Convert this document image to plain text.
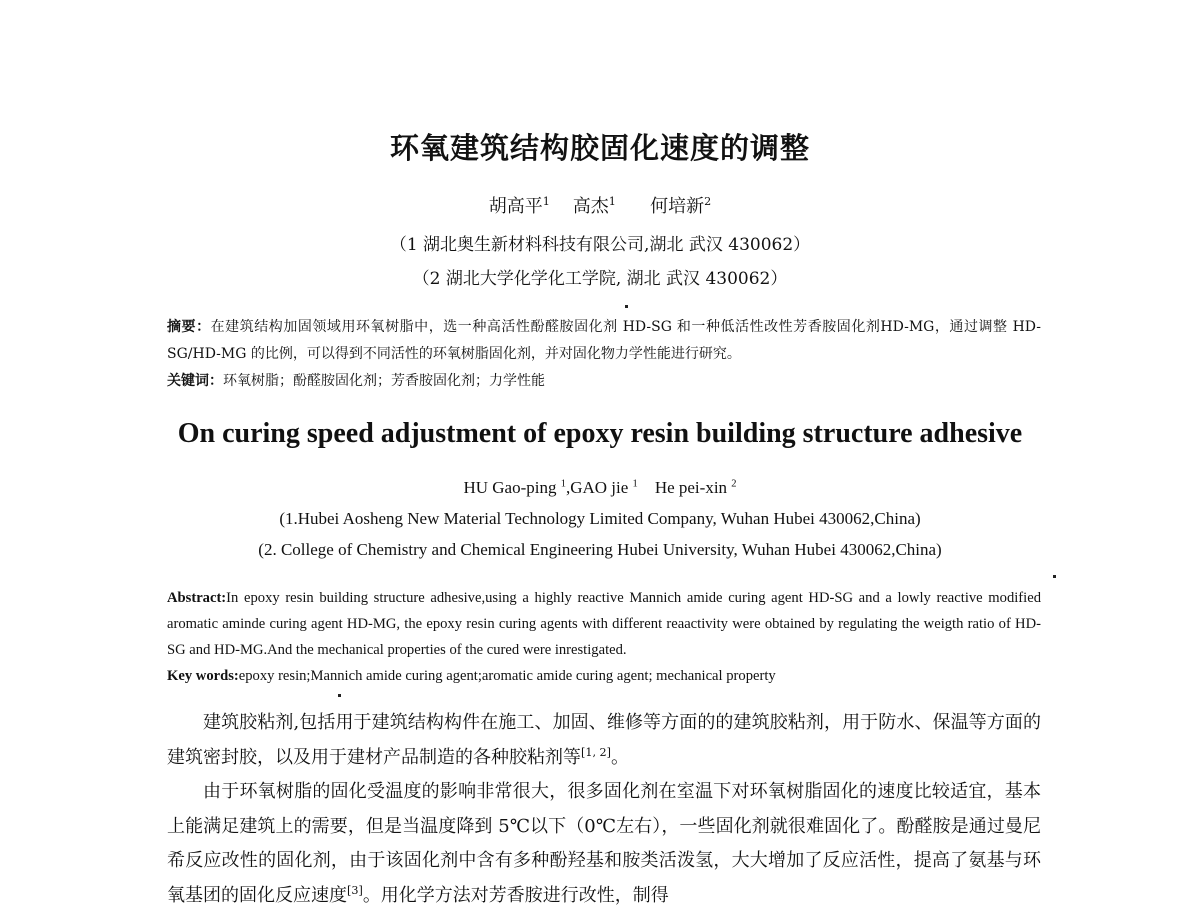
环氧建筑结构胶固化速度的调整
胡高平$^1$ 高杰$^1$ 何培新$^2$
（1 湖北奥生新材料科技有限公司,湖北 武汉 430062）
（2 湖北大学化学化工学院, 湖北 武汉 430062）
摘要：在建筑结构加固领域用环氧树脂中，选一种高活性酚醛胺固化剂 HD-SG 和一种低活性改性芳香胺固化剂HD-MG，通过调整 HD-SG/HD-MG 的比例，可以得到不同活性的环氧树脂固化剂，并对固化物力学性能进行研究。
关键词：环氧树脂；酚醛胺固化剂；芳香胺固化剂；力学性能
On curing speed adjustment of epoxy resin building structure adhesive
HU Gao-ping $^1$,GAO jie $^1$ He pei-xin $^2$
(1.Hubei Aosheng New Material Technology Limited Company, Wuhan Hubei 430062,China)
(2. College of Chemistry and Chemical Engineering Hubei University, Wuhan Hubei 430062,China)
Abstract:In epoxy resin building structure adhesive,using a highly reactive Mannich amide curing agent HD-SG and a lowly reactive modified aromatic aminde curing agent HD-MG, the epoxy resin curing agents with different reaactivity were obtained by regulating the weigth ratio of HD-SG and HD-MG.And the mechanical properties of the cured were inrestigated.
Key words:epoxy resin;Mannich amide curing agent;aromatic amide curing agent; mechanical property

建筑胶粘剂,包括用于建筑结构构件在施工、加固、维修等方面的的建筑胶粘剂，用于防水、保温等方面的建筑密封胶，以及用于建材产品制造的各种胶粘剂等[1, 2]。

由于环氧树脂的固化受温度的影响非常很大，很多固化剂在室温下对环氧树脂固化的速度比较适宜，基本上能满足建筑上的需要，但是当温度降到 5℃以下（0℃左右），一些固化剂就很难固化了。酚醛胺是通过曼尼希反应改性的固化剂，由于该固化剂中含有多种酚羟基和胺类活泼氢，大大增加了反应活性，提高了氨基与环氧基团的固化反应速度[3]。用化学方法对芳香胺进行改性，制得
